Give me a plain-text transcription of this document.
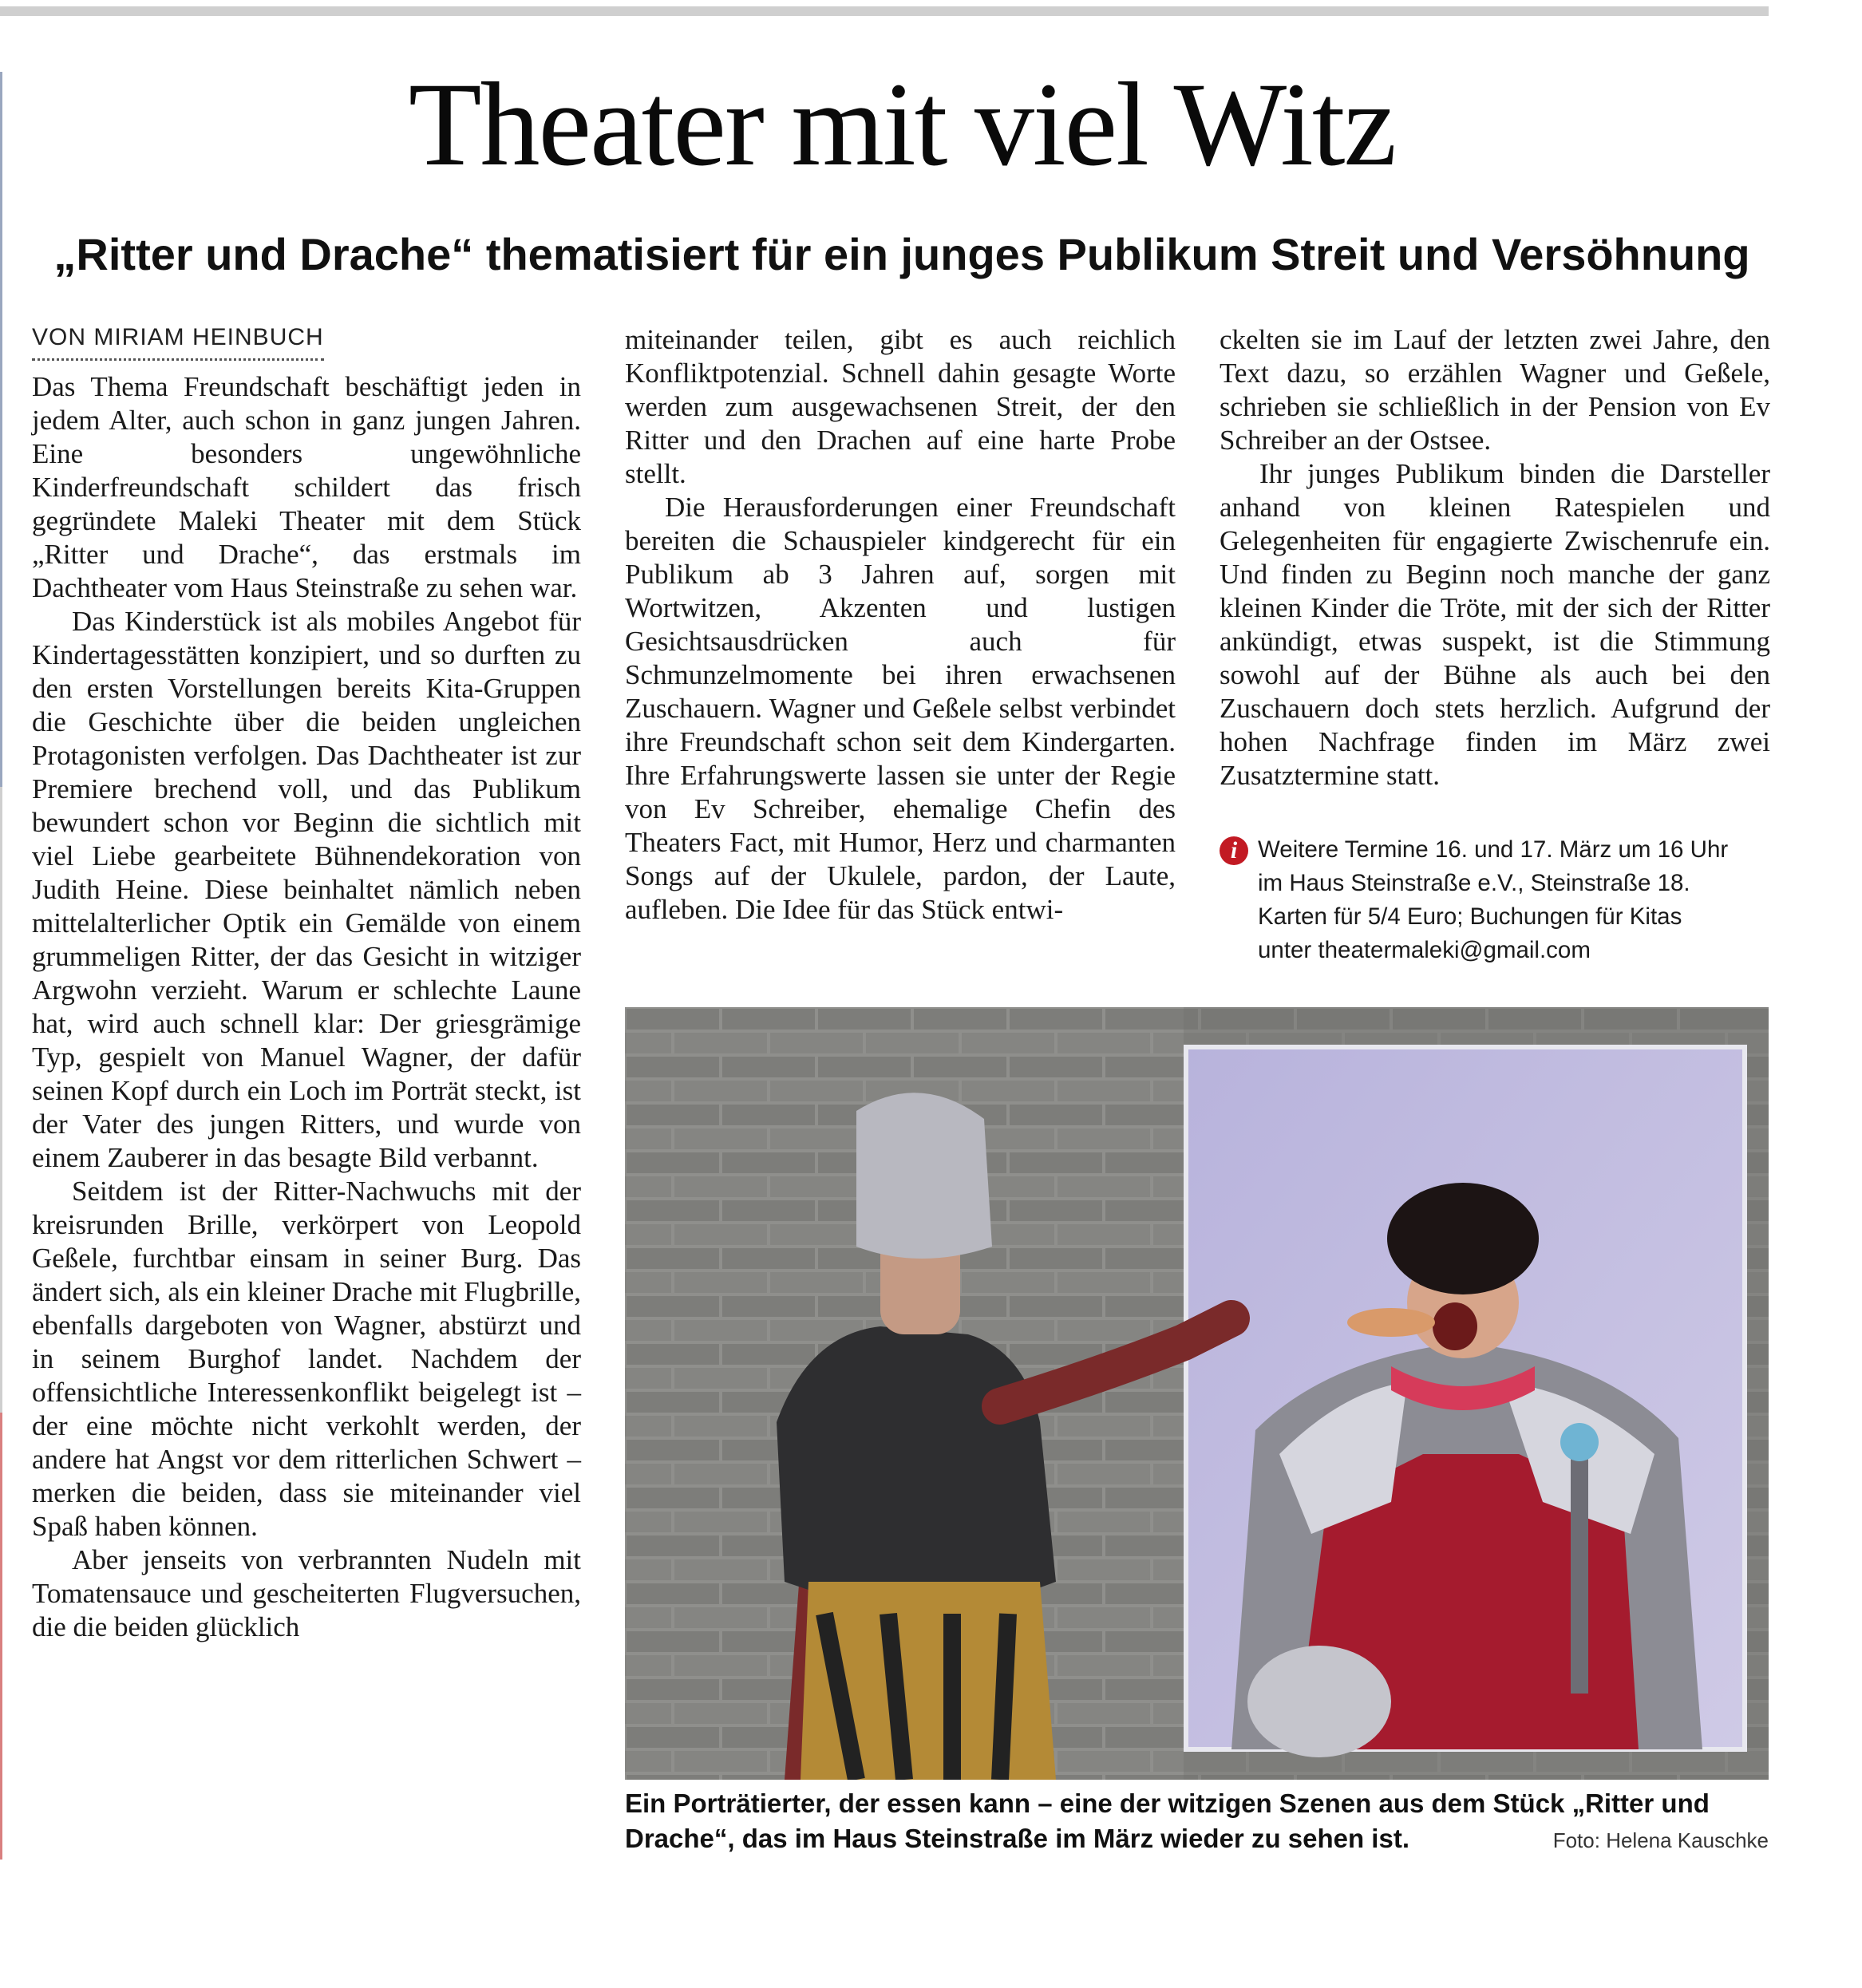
Theater mit viel Witz
„Ritter und Drache“ thematisiert für ein junges Publikum Streit und Versöhnung
VON MIRIAM HEINBUCH

Das Thema Freundschaft beschäftigt jeden in jedem Alter, auch schon in ganz jungen Jahren. Eine besonders ungewöhnliche Kinderfreundschaft schildert das frisch gegründete Maleki Theater mit dem Stück „Ritter und Drache“, das erstmals im Dachtheater vom Haus Steinstraße zu sehen war.

Das Kinderstück ist als mobiles Angebot für Kindertagesstätten konzipiert, und so durften zu den ersten Vorstellungen bereits Kita-Gruppen die Geschichte über die beiden ungleichen Protagonisten verfolgen. Das Dachtheater ist zur Premiere brechend voll, und das Publikum bewundert schon vor Beginn die sichtlich mit viel Liebe gearbeitete Bühnendekoration von Judith Heine. Diese beinhaltet nämlich neben mittelalterlicher Optik ein Gemälde von einem grummeligen Ritter, der das Gesicht in witziger Argwohn verzieht. Warum er schlechte Laune hat, wird auch schnell klar: Der griesgrämige Typ, gespielt von Manuel Wagner, der dafür seinen Kopf durch ein Loch im Porträt steckt, ist der Vater des jungen Ritters, und wurde von einem Zauberer in das besagte Bild verbannt.

Seitdem ist der Ritter-Nachwuchs mit der kreisrunden Brille, verkörpert von Leopold Geßele, furchtbar einsam in seiner Burg. Das ändert sich, als ein kleiner Drache mit Flugbrille, ebenfalls dargeboten von Wagner, abstürzt und in seinem Burghof landet. Nachdem der offensichtliche Interessenkonflikt beigelegt ist – der eine möchte nicht verkohlt werden, der andere hat Angst vor dem ritterlichen Schwert – merken die beiden, dass sie miteinander viel Spaß haben können.

Aber jenseits von verbrannten Nudeln mit Tomatensauce und gescheiterten Flugversuchen, die die beiden glücklich

miteinander teilen, gibt es auch reichlich Konfliktpotenzial. Schnell dahin gesagte Worte werden zum ausgewachsenen Streit, der den Ritter und den Drachen auf eine harte Probe stellt.

Die Herausforderungen einer Freundschaft bereiten die Schauspieler kindgerecht für ein Publikum ab 3 Jahren auf, sorgen mit Wortwitzen, Akzenten und lustigen Gesichtsausdrücken auch für Schmunzelmomente bei ihren erwachsenen Zuschauern. Wagner und Geßele selbst verbindet ihre Freundschaft schon seit dem Kindergarten. Ihre Erfahrungswerte lassen sie unter der Regie von Ev Schreiber, ehemalige Chefin des Theaters Fact, mit Humor, Herz und charmanten Songs auf der Ukulele, pardon, der Laute, aufleben. Die Idee für das Stück entwi-

ckelten sie im Lauf der letzten zwei Jahre, den Text dazu, so erzählen Wagner und Geßele, schrieben sie schließlich in der Pension von Ev Schreiber an der Ostsee.

Ihr junges Publikum binden die Darsteller anhand von kleinen Ratespielen und Gelegenheiten für engagierte Zwischenrufe ein. Und finden zu Beginn noch manche der ganz kleinen Kinder die Tröte, mit der sich der Ritter ankündigt, etwas suspekt, ist die Stimmung sowohl auf der Bühne als auch bei den Zuschauern doch stets herzlich. Aufgrund der hohen Nachfrage finden im März zwei Zusatztermine statt.

i Weitere Termine 16. und 17. März um 16 Uhr
im Haus Steinstraße e.V., Steinstraße 18.
Karten für 5/4 Euro; Buchungen für Kitas
unter theatermaleki@gmail.com
Ein Porträtierter, der essen kann – eine der witzigen Szenen aus dem Stück „Ritter und
Drache“, das im Haus Steinstraße im März wieder zu sehen ist.	Foto: Helena Kauschke
